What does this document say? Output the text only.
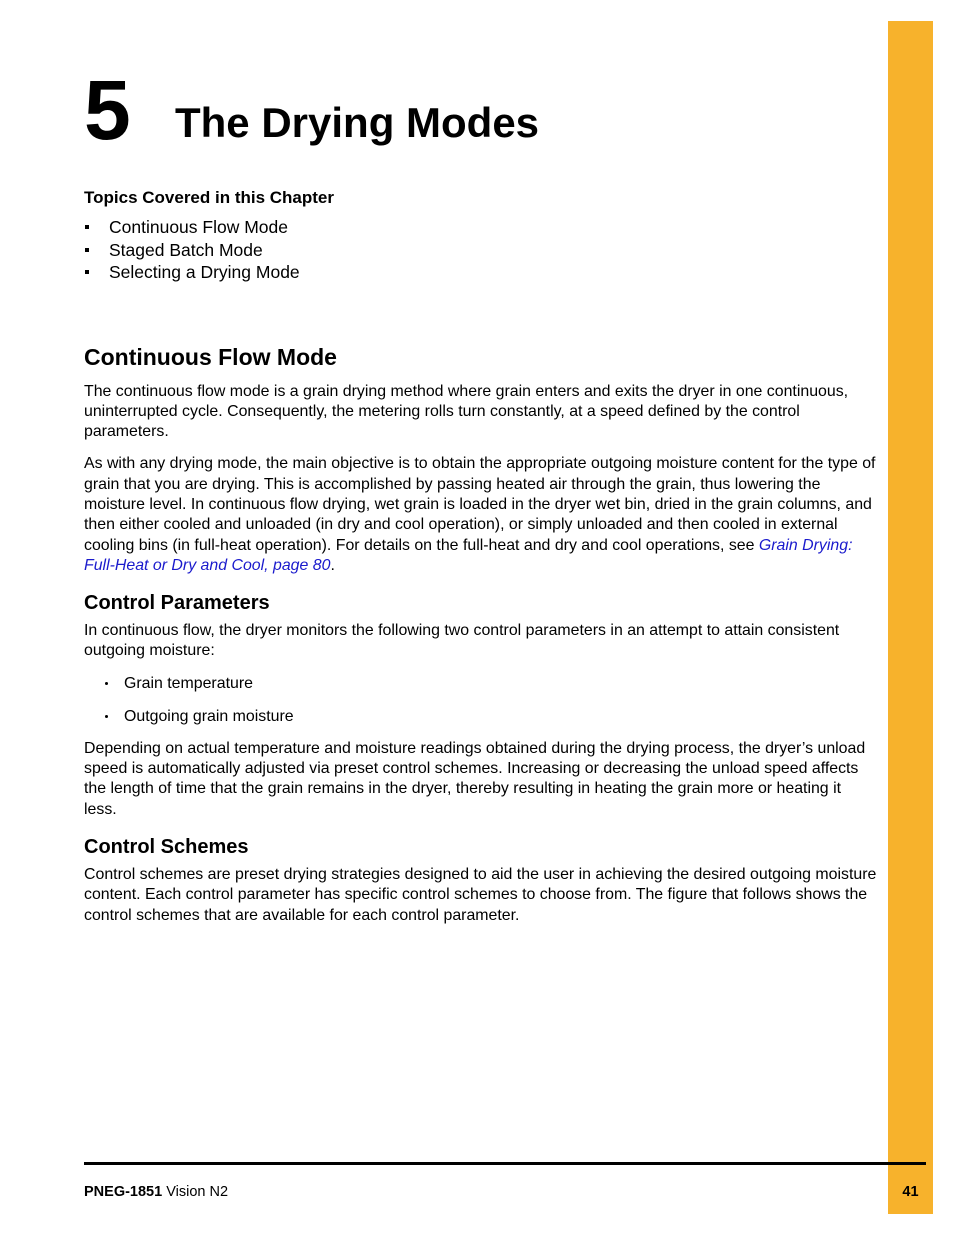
5 The Drying Modes
Topics Covered in this Chapter
Continuous Flow Mode
Staged Batch Mode
Selecting a Drying Mode
Continuous Flow Mode

The continuous flow mode is a grain drying method where grain enters and exits the dryer in one continuous, uninterrupted cycle. Consequently, the metering rolls turn constantly, at a speed defined by the control parameters.

As with any drying mode, the main objective is to obtain the appropriate outgoing moisture content for the type of grain that you are drying. This is accomplished by passing heated air through the grain, thus lowering the moisture level. In continuous flow drying, wet grain is loaded in the dryer wet bin, dried in the grain columns, and then either cooled and unloaded (in dry and cool operation), or simply unloaded and then cooled in external cooling bins (in full-heat operation). For details on the full-heat and dry and cool operations, see Grain Drying: Full-Heat or Dry and Cool, page 80.

Control Parameters

In continuous flow, the dryer monitors the following two control parameters in an attempt to attain consistent outgoing moisture:

Grain temperature
Outgoing grain moisture

Depending on actual temperature and moisture readings obtained during the drying process, the dryer’s unload speed is automatically adjusted via preset control schemes. Increasing or decreasing the unload speed affects the length of time that the grain remains in the dryer, thereby resulting in heating the grain more or heating it less.

Control Schemes

Control schemes are preset drying strategies designed to aid the user in achieving the desired outgoing moisture content. Each control parameter has specific control schemes to choose from. The figure that follows shows the control schemes that are available for each control parameter.

PNEG-1851 Vision N2	41
